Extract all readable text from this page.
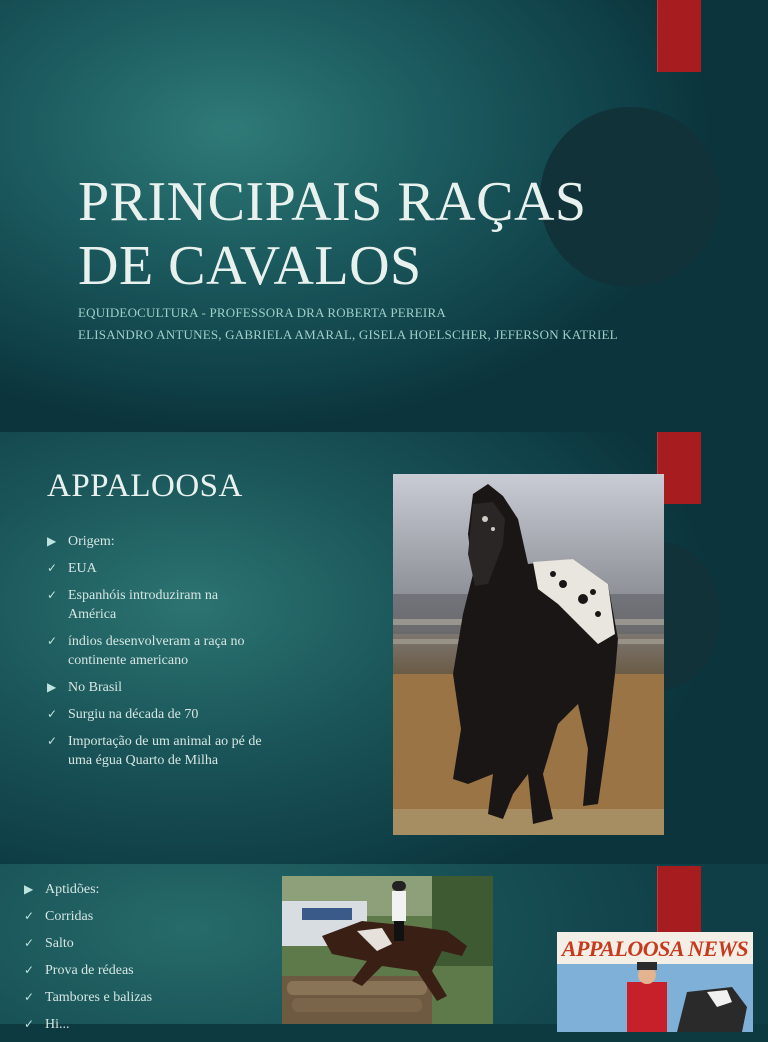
PRINCIPAIS RAÇAS
DE CAVALOS
EQUIDEOCULTURA - PROFESSORA DRA ROBERTA PEREIRA
ELISANDRO ANTUNES, GABRIELA AMARAL, GISELA HOELSCHER, JEFERSON KATRIEL
APPALOOSA
▶ Origem:
✓ EUA
✓ Espanhóis introduziram na América
✓ índios desenvolveram a raça no continente americano
▶ No Brasil
✓ Surgiu na década de 70
✓ Importação de um animal ao pé de uma égua Quarto de Milha
▶ Aptidões:
✓ Corridas
✓ Salto
✓ Prova de rédeas
✓ Tambores e balizas
✓ Hi...
APPALOOSA NEWS
